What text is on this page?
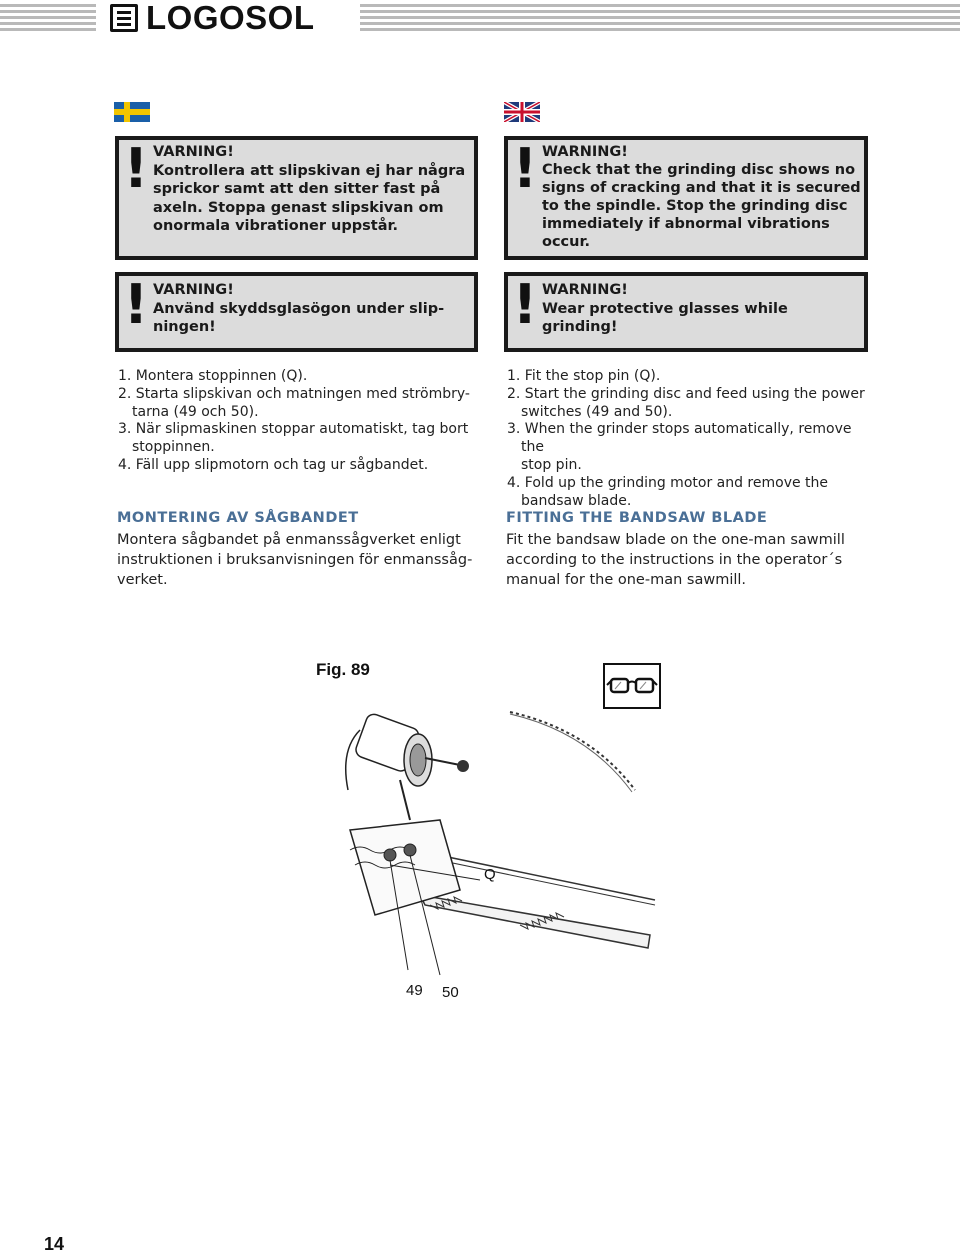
LOGOSOL
! VARNING!
Kontrollera att slipskivan ej har några
sprickor samt att den sitter fast på
axeln. Stoppa genast slipskivan om
onormala vibrationer uppstår.
! VARNING!
Använd skyddsglasögon under slip-
ningen!
! WARNING!
Check that the grinding disc shows no
signs of cracking and that it is secured
to the spindle. Stop the grinding disc
immediately if abnormal vibrations
occur.
! WARNING!
Wear protective glasses while
grinding!
1. Montera stoppinnen (Q).
2. Starta slipskivan och matningen med strömbry-
tarna (49 och 50).
3. När slipmaskinen stoppar automatiskt, tag bort
stoppinnen.
4. Fäll upp slipmotorn och tag ur sågbandet.
1. Fit the stop pin (Q).
2. Start the grinding disc and feed using the power
switches (49 and 50).
3. When the grinder stops automatically, remove the
stop pin.
4. Fold up the grinding motor and remove the
bandsaw blade.
MONTERING AV SÅGBANDET
Montera sågbandet på enmanssågverket enligt
instruktionen i bruksanvisningen för enmanssåg-
verket.
FITTING THE BANDSAW BLADE
Fit the bandsaw blade on the one-man sawmill
according to the instructions in the operator´s
manual for the one-man sawmill.
Fig. 89
Q
49 50
14
